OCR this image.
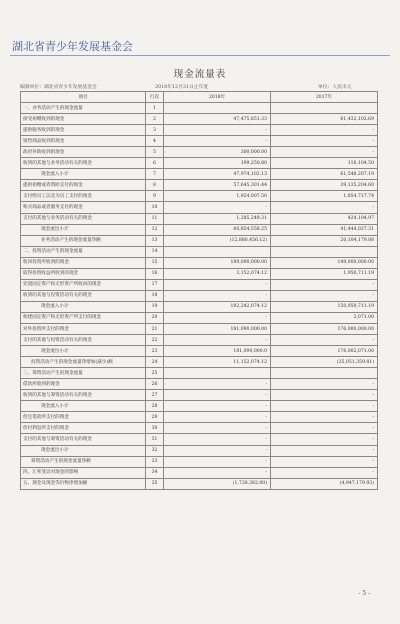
湖北省青少年发展基金会
现金流量表
编制单位：湖北省青少年发展基金会	2018年12月31日止年度	单位：人民币元
项目	行次	2018年	2017年
一、业务活动产生的现金流量	1		
接受捐赠收到的现金	2	47,475,851.33	61,432,102.69
提供服务收到的现金	3	-	-
销售商品收到的现金	4	-	-
政府补助收到的现金	5	300,000.00	-
收到的其他与业务活动有关的现金	6	199,250.80	116,104.50
现金流入小计	7	47,974,102.13	61,548,207.19
提供捐赠或者资助支付的现金	8	57,645,301.44	39,135,204.60
支付给员工以及为员工支付的现金	9	1,924,007.50	1,854,717.74
购买商品或者服务支付的现金	10	-	-
支付的其他与业务活动有关的现金	11	1,285,249.31	424,104.97
现金流出小计	12	60,854,558.25	41,444,027.31
业务活动产生的现金流量净额	13	(12,880,456.12)	20,104,179.88
二、投资活动产生的现金流量	14		
收回投资所收到的现金	15	189,090,000.00	149,000,000.00
取得投资收益所收到的现金	16	3,152,074.12	1,950,711.19
处置固定资产和无形资产所收回的现金	17	-	-
收到的其他与投资活动有关的现金	18	-	-
现金流入小计	19	192,242,074.12	150,950,711.19
购建固定资产和无形资产所支付的现金	20	-	2,071.00
对外投资所支付的现金	21	181,090,000.00	176,000,000.00
支付的其他与投资活动有关的现金	22	-	-
现金流出小计	23	181,090,000.0	176,002,071.00
投资活动产生的现金流量净增加(减少)额	24	11,152,074.12	(25,051,359.81)
三、筹资活动产生的现金流量	25		
借款所收到的现金	26	-	-
收到的其他与筹资活动有关的现金	27	-	-
现金流入小计	28	-	-
偿还借款所支付的现金	29	-	-
偿付利息所支付的现金	30	-	-
支付的其他与筹资活动有关的现金	31	-	-
现金流出小计	32	-	-
筹资活动产生的现金流量净额	33	-	-
四、汇率变动对现金的影响	34	-	-
五、现金及现金等价物净增加额	35	(1,728,382.00)	(4,947,179.93)
- 5 -
